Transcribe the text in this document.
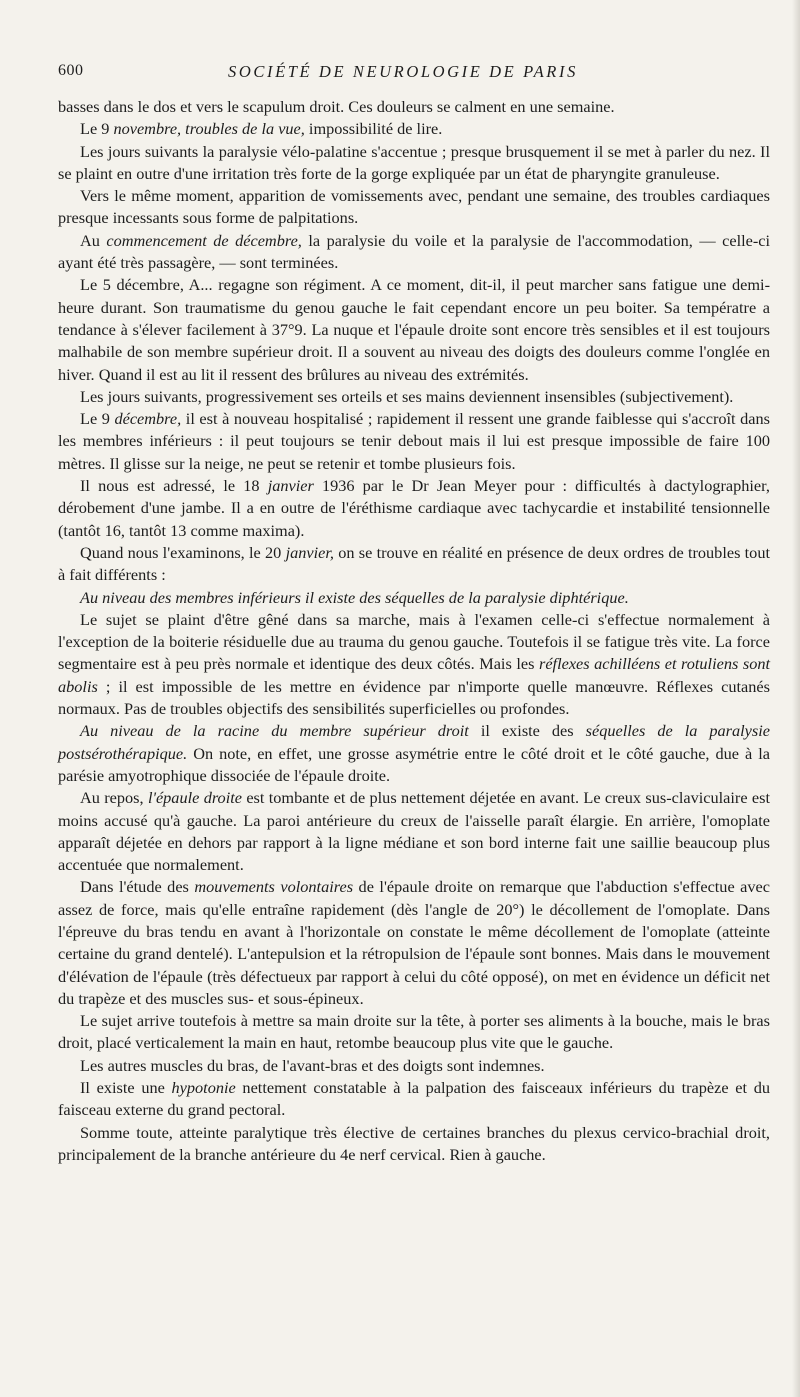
600	SOCIÉTÉ DE NEUROLOGIE DE PARIS

basses dans le dos et vers le scapulum droit. Ces douleurs se calment en une semaine.

Le 9 novembre, troubles de la vue, impossibilité de lire.

Les jours suivants la paralysie vélo-palatine s'accentue ; presque brusquement il se met à parler du nez. Il se plaint en outre d'une irritation très forte de la gorge expliquée par un état de pharyngite granuleuse.

Vers le même moment, apparition de vomissements avec, pendant une semaine, des troubles cardiaques presque incessants sous forme de palpitations.

Au commencement de décembre, la paralysie du voile et la paralysie de l'accommodation, — celle-ci ayant été très passagère, — sont terminées.

Le 5 décembre, A... regagne son régiment. A ce moment, dit-il, il peut marcher sans fatigue une demi-heure durant. Son traumatisme du genou gauche le fait cependant encore un peu boiter. Sa températre a tendance à s'élever facilement à 37°9. La nuque et l'épaule droite sont encore très sensibles et il est toujours malhabile de son membre supérieur droit. Il a souvent au niveau des doigts des douleurs comme l'onglée en hiver. Quand il est au lit il ressent des brûlures au niveau des extrémités.

Les jours suivants, progressivement ses orteils et ses mains deviennent insensibles (subjectivement).

Le 9 décembre, il est à nouveau hospitalisé ; rapidement il ressent une grande faiblesse qui s'accroît dans les membres inférieurs : il peut toujours se tenir debout mais il lui est presque impossible de faire 100 mètres. Il glisse sur la neige, ne peut se retenir et tombe plusieurs fois.

Il nous est adressé, le 18 janvier 1936 par le Dr Jean Meyer pour : difficultés à dactylographier, dérobement d'une jambe. Il a en outre de l'éréthisme cardiaque avec tachycardie et instabilité tensionnelle (tantôt 16, tantôt 13 comme maxima).

Quand nous l'examinons, le 20 janvier, on se trouve en réalité en présence de deux ordres de troubles tout à fait différents :

Au niveau des membres inférieurs il existe des séquelles de la paralysie diphtérique.

Le sujet se plaint d'être gêné dans sa marche, mais à l'examen celle-ci s'effectue normalement à l'exception de la boiterie résiduelle due au trauma du genou gauche. Toutefois il se fatigue très vite. La force segmentaire est à peu près normale et identique des deux côtés. Mais les réflexes achilléens et rotuliens sont abolis ; il est impossible de les mettre en évidence par n'importe quelle manœuvre. Réflexes cutanés normaux. Pas de troubles objectifs des sensibilités superficielles ou profondes.

Au niveau de la racine du membre supérieur droit il existe des séquelles de la paralysie postsérothérapique. On note, en effet, une grosse asymétrie entre le côté droit et le côté gauche, due à la parésie amyotrophique dissociée de l'épaule droite.

Au repos, l'épaule droite est tombante et de plus nettement déjetée en avant. Le creux sus-claviculaire est moins accusé qu'à gauche. La paroi antérieure du creux de l'aisselle paraît élargie. En arrière, l'omoplate apparaît déjetée en dehors par rapport à la ligne médiane et son bord interne fait une saillie beaucoup plus accentuée que normalement.

Dans l'étude des mouvements volontaires de l'épaule droite on remarque que l'abduction s'effectue avec assez de force, mais qu'elle entraîne rapidement (dès l'angle de 20°) le décollement de l'omoplate. Dans l'épreuve du bras tendu en avant à l'horizontale on constate le même décollement de l'omoplate (atteinte certaine du grand dentelé). L'antepulsion et la rétropulsion de l'épaule sont bonnes. Mais dans le mouvement d'élévation de l'épaule (très défectueux par rapport à celui du côté opposé), on met en évidence un déficit net du trapèze et des muscles sus- et sous-épineux.

Le sujet arrive toutefois à mettre sa main droite sur la tête, à porter ses aliments à la bouche, mais le bras droit, placé verticalement la main en haut, retombe beaucoup plus vite que le gauche.

Les autres muscles du bras, de l'avant-bras et des doigts sont indemnes.

Il existe une hypotonie nettement constatable à la palpation des faisceaux inférieurs du trapèze et du faisceau externe du grand pectoral.

Somme toute, atteinte paralytique très élective de certaines branches du plexus cervico-brachial droit, principalement de la branche antérieure du 4e nerf cervical. Rien à gauche.
